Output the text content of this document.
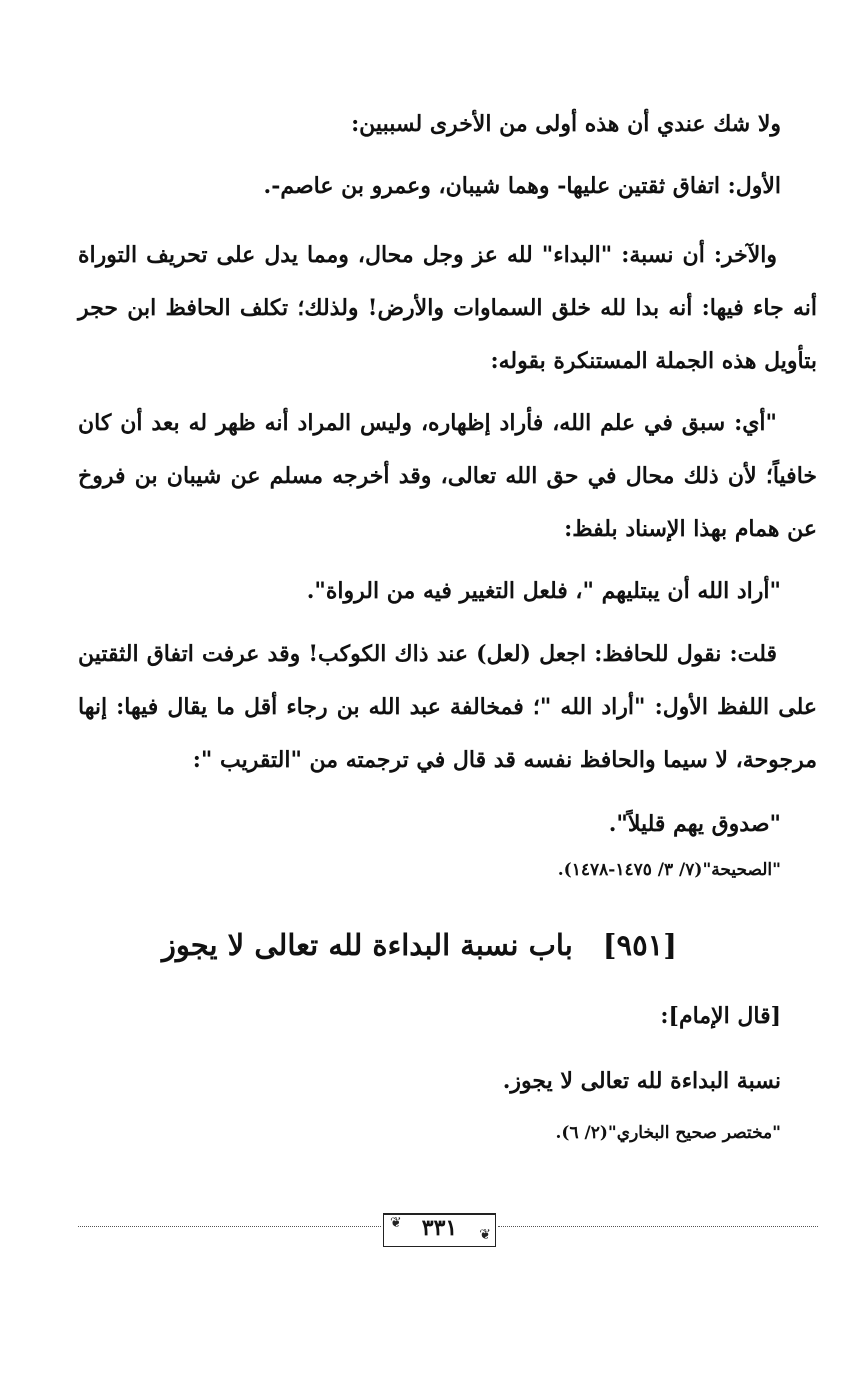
ولا شك عندي أن هذه أولى من الأخرى لسببين:

الأول: اتفاق ثقتين عليها- وهما شيبان، وعمرو بن عاصم-.

والآخر: أن نسبة: "البداء" لله عز وجل محال، ومما يدل على تحريف التوراة أنه جاء فيها: أنه بدا لله خلق السماوات والأرض! ولذلك؛ تكلف الحافظ ابن حجر بتأويل هذه الجملة المستنكرة بقوله:

"أي: سبق في علم الله، فأراد إظهاره، وليس المراد أنه ظهر له بعد أن كان خافياً؛ لأن ذلك محال في حق الله تعالى، وقد أخرجه مسلم عن شيبان بن فروخ عن همام بهذا الإسناد بلفظ:

"أراد الله أن يبتليهم "، فلعل التغيير فيه من الرواة".

قلت: نقول للحافظ: اجعل (لعل) عند ذاك الكوكب! وقد عرفت اتفاق الثقتين على اللفظ الأول: "أراد الله "؛ فمخالفة عبد الله بن رجاء أقل ما يقال فيها: إنها مرجوحة، لا سيما والحافظ نفسه قد قال في ترجمته من "التقريب ":

"صدوق يهم قليلاً".

"الصحيحة"(٧/ ٣/ ١٤٧٥-١٤٧٨).

[٩٥١]باب نسبة البداءة لله تعالى لا يجوز

[قال الإمام]:

نسبة البداءة لله تعالى لا يجوز.

"مختصر صحيح البخاري"(٢/ ٦).

❦
❦
٣٣١
